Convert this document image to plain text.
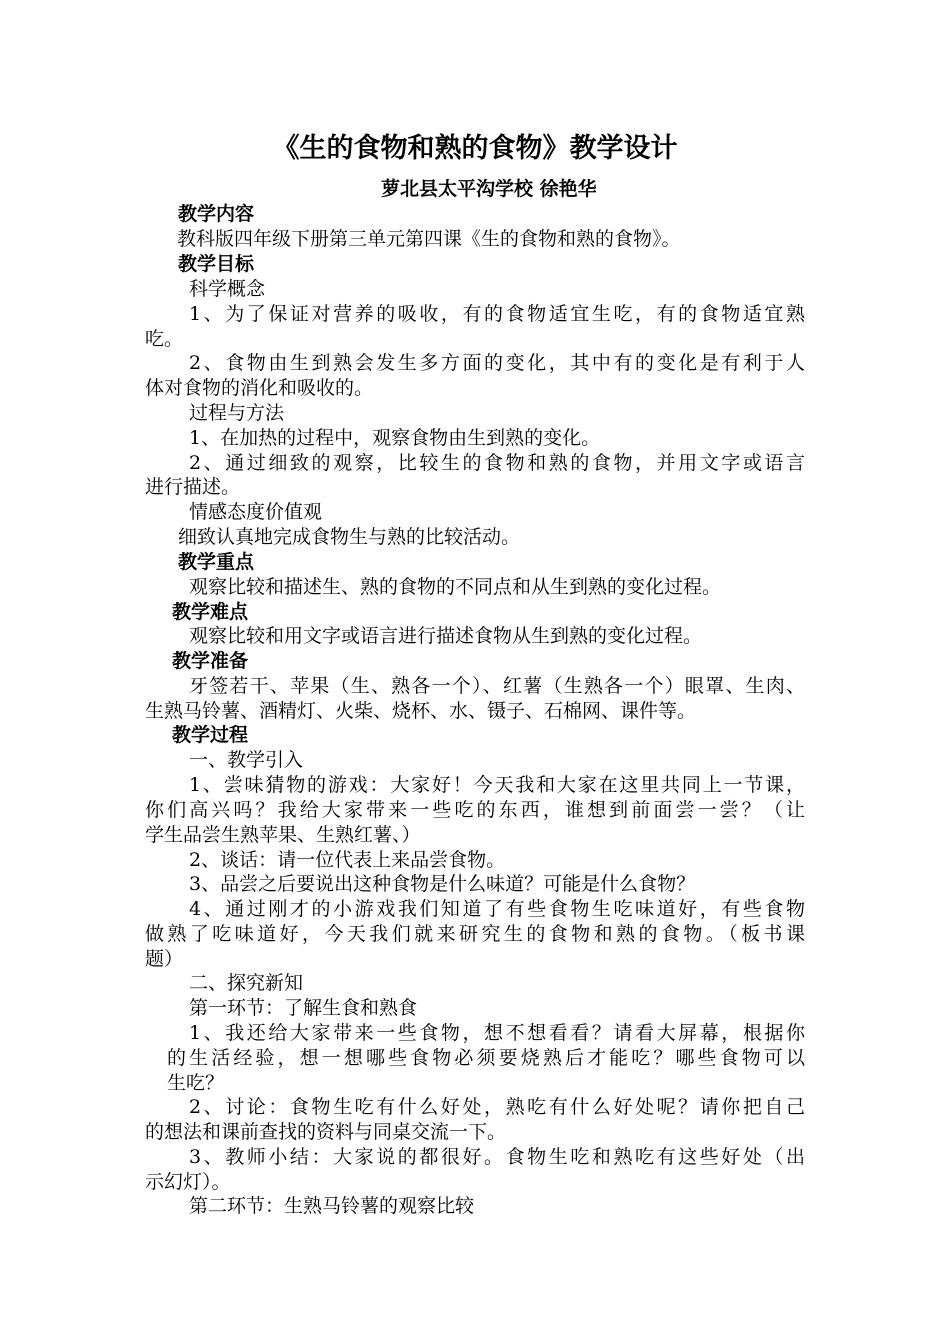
《生的食物和熟的食物》教学设计
萝北县太平沟学校 徐艳华
教学内容
教科版四年级下册第三单元第四课《生的食物和熟的食物》。
教学目标
科学概念
1、为了保证对营养的吸收，有的食物适宜生吃，有的食物适宜熟
吃。
2、食物由生到熟会发生多方面的变化，其中有的变化是有利于人
体对食物的消化和吸收的。
过程与方法
1、在加热的过程中，观察食物由生到熟的变化。
2、通过细致的观察，比较生的食物和熟的食物，并用文字或语言
进行描述。
情感态度价值观
细致认真地完成食物生与熟的比较活动。
教学重点
观察比较和描述生、熟的食物的不同点和从生到熟的变化过程。
教学难点
观察比较和用文字或语言进行描述食物从生到熟的变化过程。
教学准备
牙签若干、苹果（生、熟各一个）、红薯（生熟各一个）眼罩、生肉、
生熟马铃薯、酒精灯、火柴、烧杯、水、镊子、石棉网、课件等。
教学过程
一、教学引入
1、尝味猜物的游戏：大家好！今天我和大家在这里共同上一节课，
你们高兴吗？我给大家带来一些吃的东西，谁想到前面尝一尝？（让
学生品尝生熟苹果、生熟红薯、）
2、谈话：请一位代表上来品尝食物。
3、品尝之后要说出这种食物是什么味道？可能是什么食物？
4、通过刚才的小游戏我们知道了有些食物生吃味道好，有些食物
做熟了吃味道好，今天我们就来研究生的食物和熟的食物。（板书课
题）
二、探究新知
第一环节：了解生食和熟食
1、我还给大家带来一些食物，想不想看看？请看大屏幕，根据你
的生活经验，想一想哪些食物必须要烧熟后才能吃？哪些食物可以
生吃？
2、讨论：食物生吃有什么好处，熟吃有什么好处呢？请你把自己
的想法和课前查找的资料与同桌交流一下。
3、教师小结：大家说的都很好。食物生吃和熟吃有这些好处（出
示幻灯）。
第二环节：生熟马铃薯的观察比较
